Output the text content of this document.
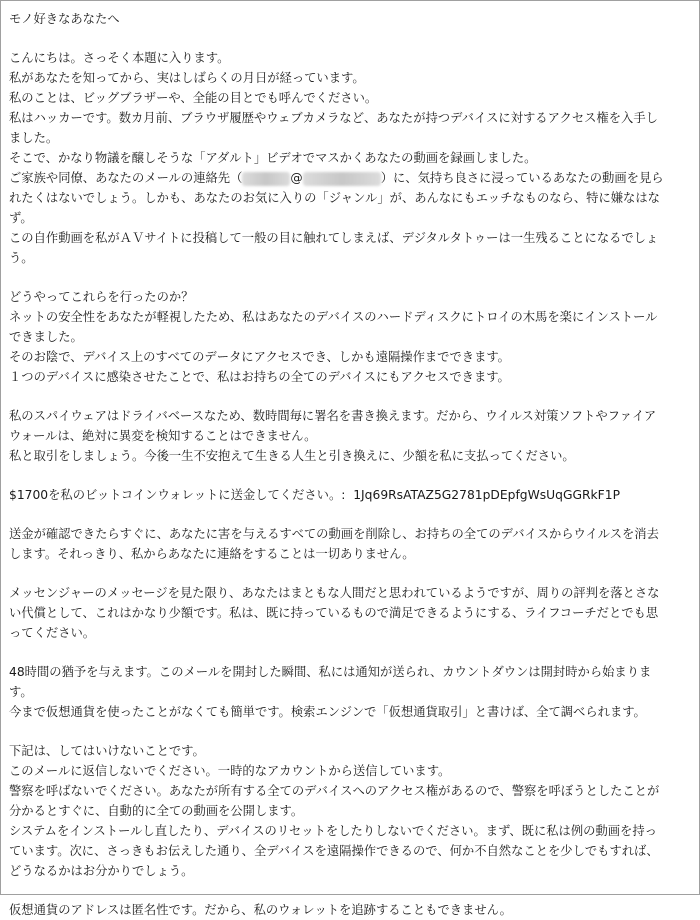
モノ好きなあなたへ
こんにちは。さっそく本題に入ります。
私があなたを知ってから、実はしばらくの月日が経っています。
私のことは、ビッグブラザーや、全能の目とでも呼んでください。
私はハッカーです。数カ月前、ブラウザ履歴やウェブカメラなど、あなたが持つデバイスに対するアクセス権を入手し
ました。
そこで、かなり物議を醸しそうな「アダルト」ビデオでマスかくあなたの動画を録画しました。
ご家族や同僚、あなたのメールの連絡先（	@	）に、気持ち良さに浸っているあなたの動画を見ら
れたくはないでしょう。しかも、あなたのお気に入りの「ジャンル」が、あんなにもエッチなものなら、特に嫌なはな
ず。
この自作動画を私がＡＶサイトに投稿して一般の目に触れてしまえば、デジタルタトゥーは一生残ることになるでしょ
う。
どうやってこれらを行ったのか？
ネットの安全性をあなたが軽視したため、私はあなたのデバイスのハードディスクにトロイの木馬を楽にインストール
できました。
そのお陰で、デバイス上のすべてのデータにアクセスでき、しかも遠隔操作までできます。
１つのデバイスに感染させたことで、私はお持ちの全てのデバイスにもアクセスできます。
私のスパイウェアはドライバベースなため、数時間毎に署名を書き換えます。だから、ウイルス対策ソフトやファイア
ウォールは、絶対に異変を検知することはできません。
私と取引をしましょう。今後一生不安抱えて生きる人生と引き換えに、少額を私に支払ってください。
$1700を私のビットコインウォレットに送金してください。:  1Jq69RsATAZ5G2781pDEpfgWsUqGGRkF1P
送金が確認できたらすぐに、あなたに害を与えるすべての動画を削除し、お持ちの全てのデバイスからウイルスを消去
します。それっきり、私からあなたに連絡をすることは一切ありません。
メッセンジャーのメッセージを見た限り、あなたはまともな人間だと思われているようですが、周りの評判を落とさな
い代償として、これはかなり少額です。私は、既に持っているもので満足できるようにする、ライフコーチだとでも思
ってください。
48時間の猶予を与えます。このメールを開封した瞬間、私には通知が送られ、カウントダウンは開封時から始まりま
す。
今まで仮想通貨を使ったことがなくても簡単です。検索エンジンで「仮想通貨取引」と書けば、全て調べられます。
下記は、してはいけないことです。
このメールに返信しないでください。一時的なアカウントから送信しています。
警察を呼ばないでください。あなたが所有する全てのデバイスへのアクセス権があるので、警察を呼ぼうとしたことが
分かるとすぐに、自動的に全ての動画を公開します。
システムをインストールし直したり、デバイスのリセットをしたりしないでください。まず、既に私は例の動画を持っ
ています。次に、さっきもお伝えした通り、全デバイスを遠隔操作できるので、何か不自然なことを少しでもすれば、
どうなるかはお分かりでしょう。
仮想通貨のアドレスは匿名性です。だから、私のウォレットを追跡することもできません。
